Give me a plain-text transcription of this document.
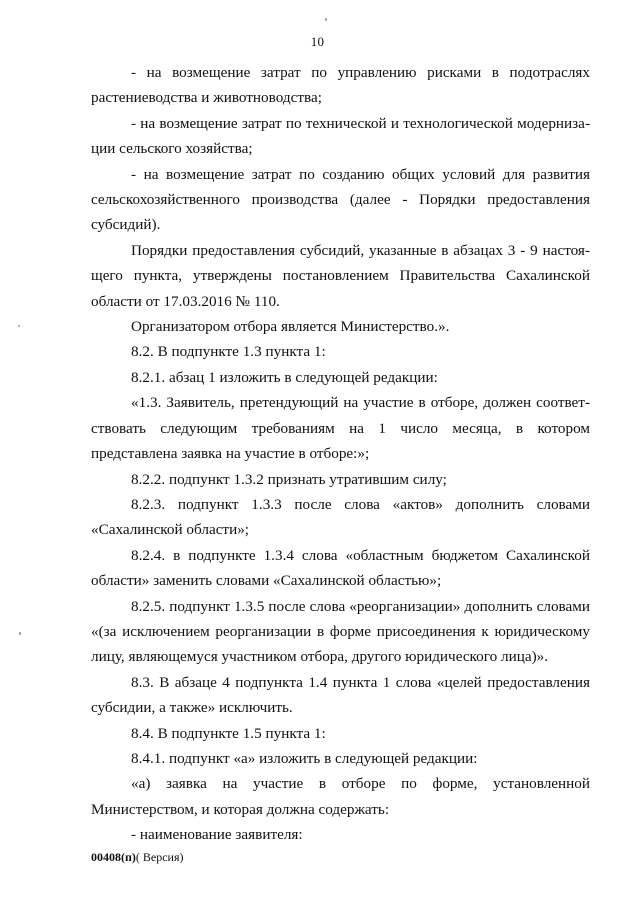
10

- на возмещение затрат по управлению рисками в подотраслях растениеводства и животноводства;

- на возмещение затрат по технической и технологической модернизации сельского хозяйства;

- на возмещение затрат по созданию общих условий для развития сельскохозяйственного производства (далее - Порядки предоставления субсидий).

Порядки предоставления субсидий, указанные в абзацах 3 - 9 настоящего пункта, утверждены постановлением Правительства Сахалинской области от 17.03.2016 № 110.

Организатором отбора является Министерство.».

8.2. В подпункте 1.3 пункта 1:

8.2.1. абзац 1 изложить в следующей редакции:

«1.3. Заявитель, претендующий на участие в отборе, должен соответствовать следующим требованиям на 1 число месяца, в котором представлена заявка на участие в отборе:»;

8.2.2. подпункт 1.3.2 признать утратившим силу;

8.2.3. подпункт 1.3.3 после слова «актов» дополнить словами «Сахалинской области»;

8.2.4. в подпункте 1.3.4 слова «областным бюджетом Сахалинской области» заменить словами «Сахалинской областью»;

8.2.5. подпункт 1.3.5 после слова «реорганизации» дополнить словами «(за исключением реорганизации в форме присоединения к юридическому лицу, являющемуся участником отбора, другого юридического лица)».

8.3. В абзаце 4 подпункта 1.4 пункта 1 слова «целей предоставления субсидии, а также» исключить.

8.4. В подпункте 1.5 пункта 1:

8.4.1. подпункт «а» изложить в следующей редакции:

«а) заявка на участие в отборе по форме, установленной Министерством, и которая должна содержать:

- наименование заявителя:

00408(п)( Версия)
